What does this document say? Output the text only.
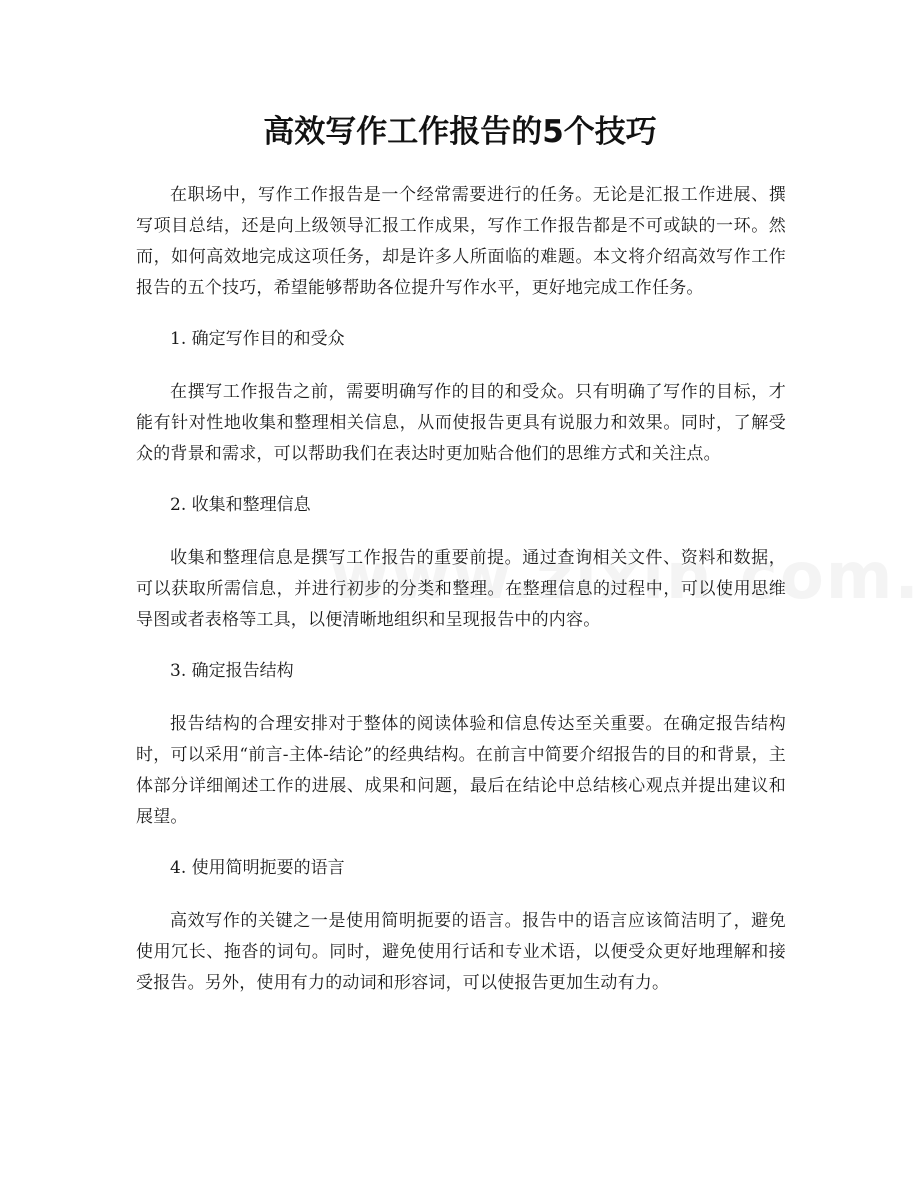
高效写作工作报告的5个技巧

在职场中，写作工作报告是一个经常需要进行的任务。无论是汇报工作进展、撰写项目总结，还是向上级领导汇报工作成果，写作工作报告都是不可或缺的一环。然而，如何高效地完成这项任务，却是许多人所面临的难题。本文将介绍高效写作工作报告的五个技巧，希望能够帮助各位提升写作水平，更好地完成工作任务。

1. 确定写作目的和受众

在撰写工作报告之前，需要明确写作的目的和受众。只有明确了写作的目标，才能有针对性地收集和整理相关信息，从而使报告更具有说服力和效果。同时，了解受众的背景和需求，可以帮助我们在表达时更加贴合他们的思维方式和关注点。

2. 收集和整理信息

收集和整理信息是撰写工作报告的重要前提。通过查询相关文件、资料和数据，可以获取所需信息，并进行初步的分类和整理。在整理信息的过程中，可以使用思维导图或者表格等工具，以便清晰地组织和呈现报告中的内容。

3. 确定报告结构

报告结构的合理安排对于整体的阅读体验和信息传达至关重要。在确定报告结构时，可以采用“前言-主体-结论”的经典结构。在前言中简要介绍报告的目的和背景，主体部分详细阐述工作的进展、成果和问题，最后在结论中总结核心观点并提出建议和展望。

4. 使用简明扼要的语言

高效写作的关键之一是使用简明扼要的语言。报告中的语言应该简洁明了，避免使用冗长、拖沓的词句。同时，避免使用行话和专业术语，以便受众更好地理解和接受报告。另外，使用有力的动词和形容词，可以使报告更加生动有力。
